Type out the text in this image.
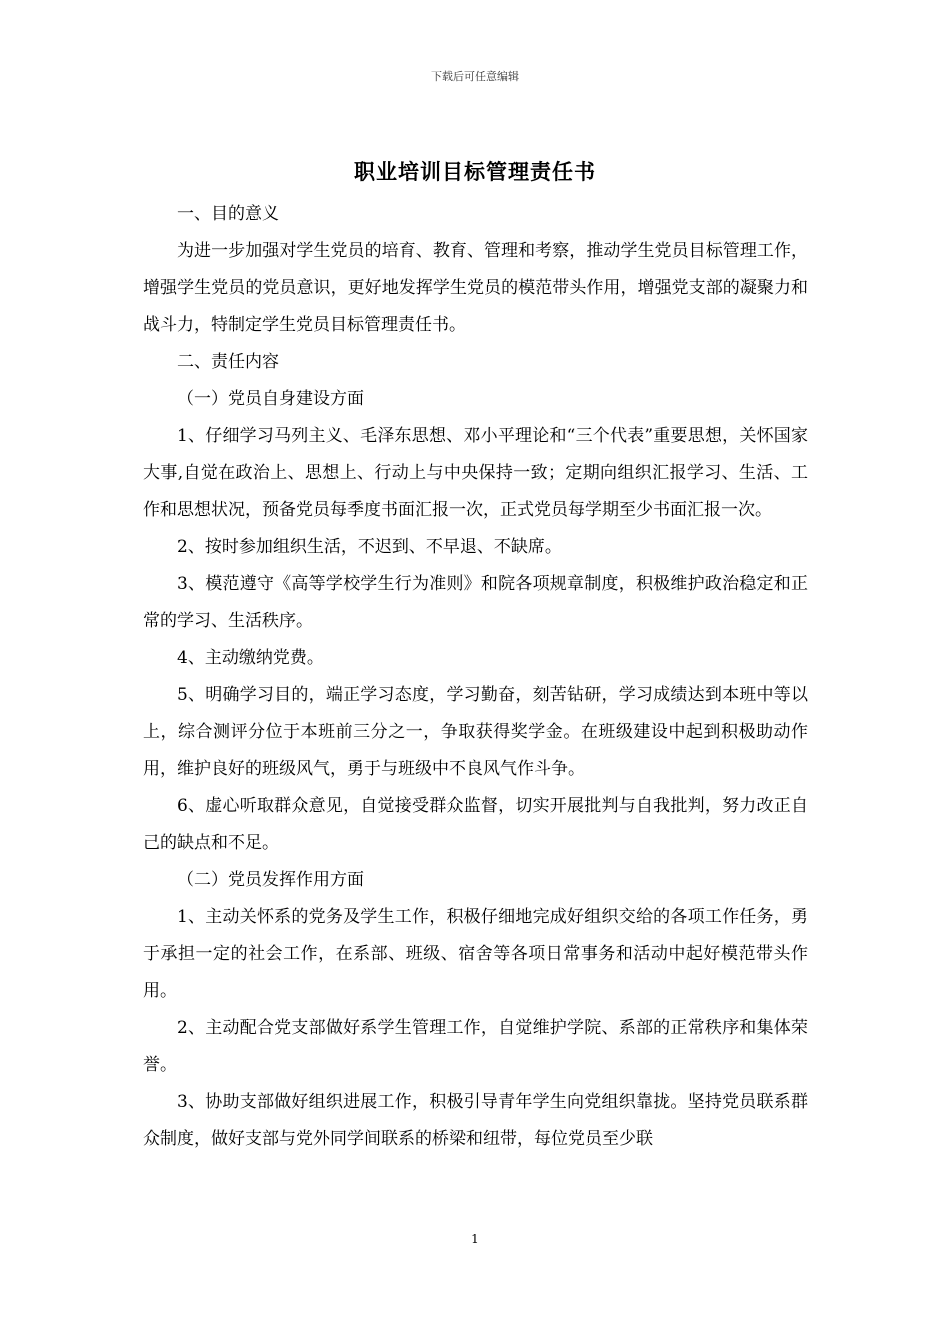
下载后可任意编辑
职业培训目标管理责任书

一、目的意义

为进一步加强对学生党员的培育、教育、管理和考察，推动学生党员目标管理工作，增强学生党员的党员意识，更好地发挥学生党员的模范带头作用，增强党支部的凝聚力和战斗力，特制定学生党员目标管理责任书。

二、责任内容

（一）党员自身建设方面

1、仔细学习马列主义、毛泽东思想、邓小平理论和“三个代表”重要思想，关怀国家大事,自觉在政治上、思想上、行动上与中央保持一致；定期向组织汇报学习、生活、工作和思想状况，预备党员每季度书面汇报一次，正式党员每学期至少书面汇报一次。

2、按时参加组织生活，不迟到、不早退、不缺席。

3、模范遵守《高等学校学生行为准则》和院各项规章制度，积极维护政治稳定和正常的学习、生活秩序。

4、主动缴纳党费。

5、明确学习目的，端正学习态度，学习勤奋，刻苦钻研，学习成绩达到本班中等以上，综合测评分位于本班前三分之一，争取获得奖学金。在班级建设中起到积极助动作用，维护良好的班级风气，勇于与班级中不良风气作斗争。

6、虚心听取群众意见，自觉接受群众监督，切实开展批判与自我批判，努力改正自己的缺点和不足。

（二）党员发挥作用方面

1、主动关怀系的党务及学生工作，积极仔细地完成好组织交给的各项工作任务，勇于承担一定的社会工作，在系部、班级、宿舍等各项日常事务和活动中起好模范带头作用。

2、主动配合党支部做好系学生管理工作，自觉维护学院、系部的正常秩序和集体荣誉。

3、协助支部做好组织进展工作，积极引导青年学生向党组织靠拢。坚持党员联系群众制度，做好支部与党外同学间联系的桥梁和纽带，每位党员至少联

1
